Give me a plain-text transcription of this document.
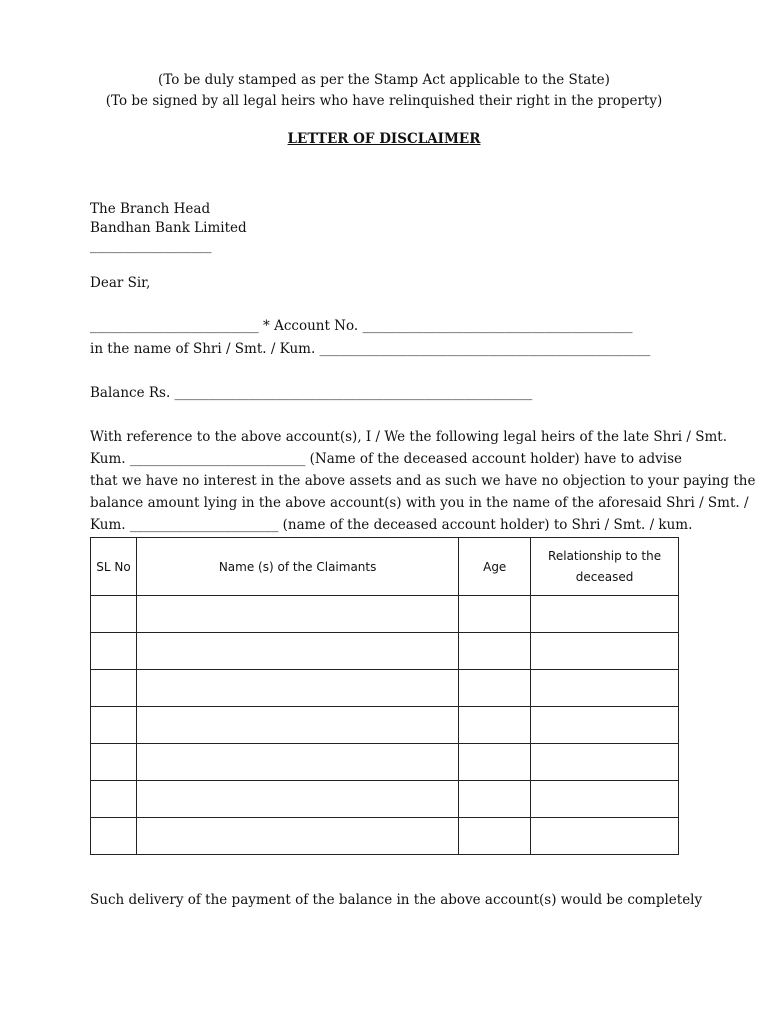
(To be duly stamped as per the Stamp Act applicable to the State)
(To be signed by all legal heirs who have relinquished their right in the property)
LETTER OF DISCLAIMER
The Branch Head
Bandhan Bank Limited
__________________
Dear Sir,
_________________________ * Account No. ________________________________________
in the name of Shri / Smt. / Kum. _________________________________________________
Balance Rs. _____________________________________________________
With reference to the above account(s), I / We the following legal heirs of the late Shri / Smt.
Kum. __________________________ (Name of the deceased account holder) have to advise
that we have no interest in the above assets and as such we have no objection to your paying the
balance amount lying in the above account(s) with you in the name of the aforesaid Shri / Smt. /
Kum. ______________________ (name of the deceased account holder) to Shri / Smt. / kum.
SL No	Name (s) of the Claimants	Age	Relationship to the
deceased

Such delivery of the payment of the balance in the above account(s) would be completely
